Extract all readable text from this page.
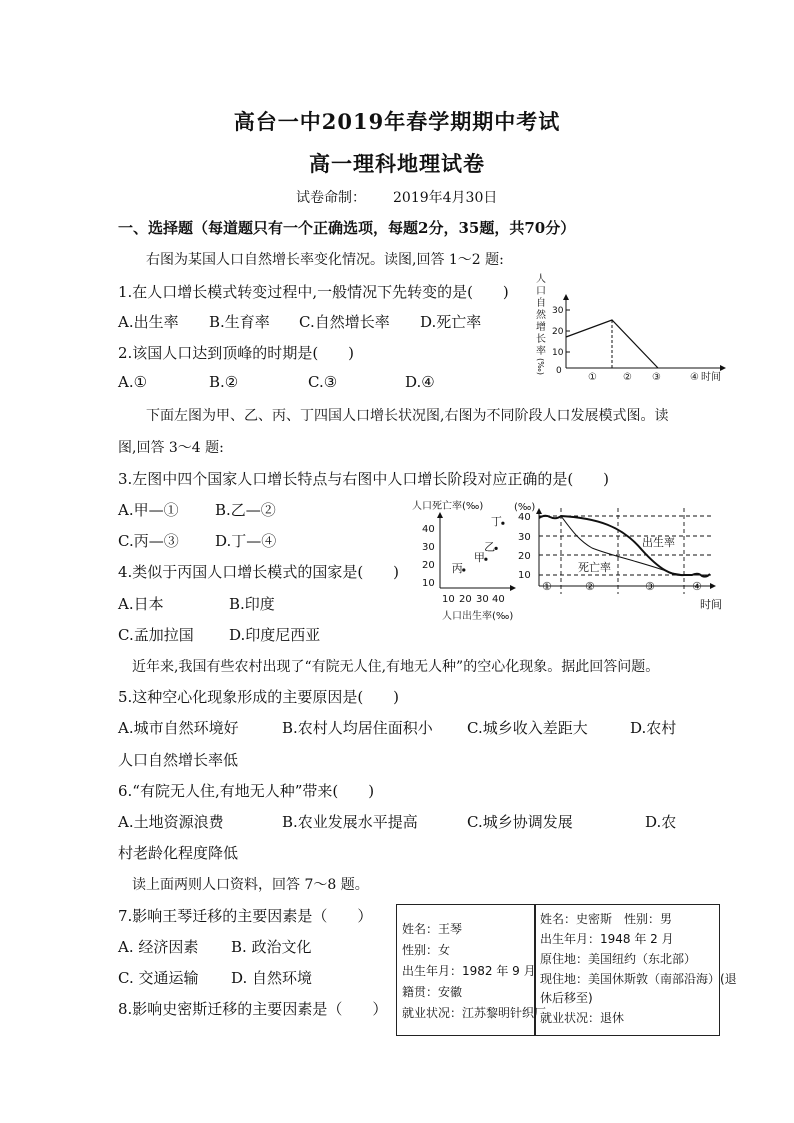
高台一中2019年春学期期中考试
高一理科地理试卷
试卷命制： 2019年4月30日
一、选择题（每道题只有一个正确选项，每题2分，35题，共70分）
右图为某国人口自然增长率变化情况。读图,回答 1～2 题:
1.在人口增长模式转变过程中,一般情况下先转变的是(　　)
A.出生率 B.生育率 C.自然增长率 D.死亡率
2.该国人口达到顶峰的时期是(　　)
A.①	B.②	C.③	D.④
人
口
自
然
增
长
率
(‰)
30
20
10
0
①	② ③	④ 时间
下面左图为甲、乙、丙、丁四国人口增长状况图,右图为不同阶段人口发展模式图。读
图,回答 3～4 题:
3.左图中四个国家人口增长特点与右图中人口增长阶段对应正确的是(　　)
A.甲—① B.乙—②
C.丙—③ D.丁—④
4.类似于丙国人口增长模式的国家是(　　)
A.日本	B.印度
C.孟加拉国 D.印度尼西亚
人口死亡率(‰)
40
30
20
10
10 20 30 40
人口出生率(‰)
丁
乙
甲
丙
(‰)
40
30
20
10
出生率
死亡率
①	②	③	④
时间
近年来,我国有些农村出现了“有院无人住,有地无人种”的空心化现象。据此回答问题。
5.这种空心化现象形成的主要原因是(　　)
A.城市自然环境好	B.农村人均居住面积小 C.城乡收入差距大	D.农村
人口自然增长率低
6.“有院无人住,有地无人种”带来(　　)
A.土地资源浪费	B.农业发展水平提高	C.城乡协调发展	D.农
村老龄化程度降低
读上面两则人口资料，回答 7～8 题。
7.影响王琴迁移的主要因素是（　　）
A. 经济因素 B. 政治文化
C. 交通运输 D. 自然环境
8.影响史密斯迁移的主要因素是（　　）
姓名：王琴
性别：女
出生年月：1982 年 9 月
籍贯：安徽
就业状况：江苏黎明针织厂
姓名：史密斯　性别：男
出生年月：1948 年 2 月
原住地：美国纽约（东北部）
现住地：美国休斯敦（南部沿海）(退
休后移至)
就业状况：退休
